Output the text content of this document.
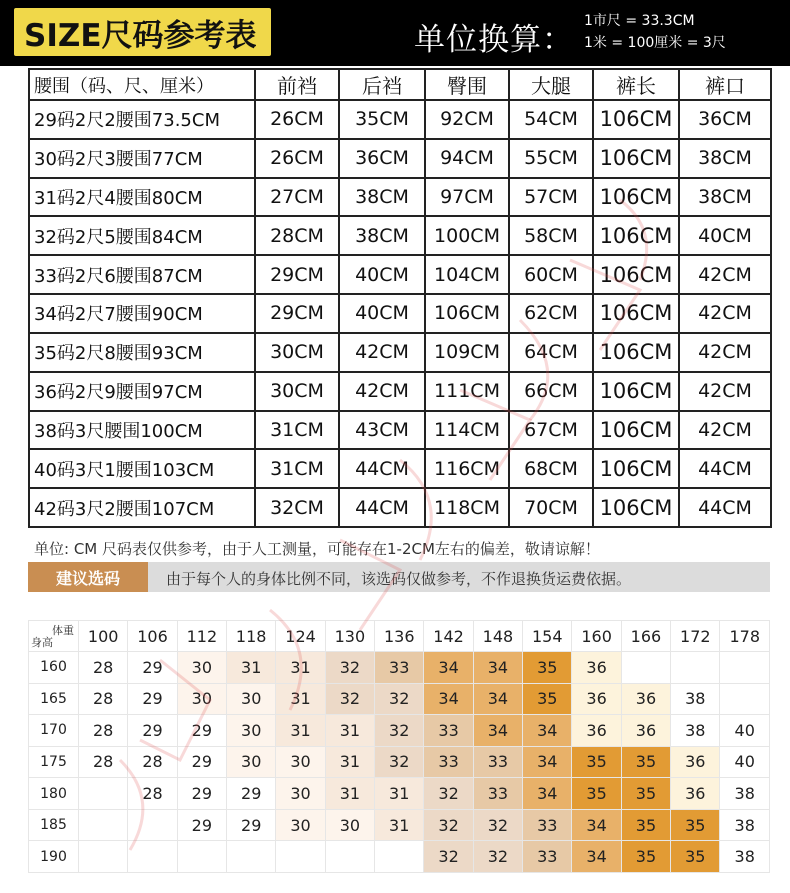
SIZE尺码参考表	单位换算：
1市尺 = 33.3CM
1米 = 100厘米 = 3尺
腰围（码、尺、厘米）	前裆	后裆	臀围	大腿	裤长	裤口
29码2尺2腰围73.5CM	26CM	35CM	92CM	54CM	106CM	36CM
30码2尺3腰围77CM	26CM	36CM	94CM	55CM	106CM	38CM
31码2尺4腰围80CM	27CM	38CM	97CM	57CM	106CM	38CM
32码2尺5腰围84CM	28CM	38CM	100CM	58CM	106CM	40CM
33码2尺6腰围87CM	29CM	40CM	104CM	60CM	106CM	42CM
34码2尺7腰围90CM	29CM	40CM	106CM	62CM	106CM	42CM
35码2尺8腰围93CM	30CM	42CM	109CM	64CM	106CM	42CM
36码2尺9腰围97CM	30CM	42CM	111CM	66CM	106CM	42CM
38码3尺腰围100CM	31CM	43CM	114CM	67CM	106CM	42CM
40码3尺1腰围103CM	31CM	44CM	116CM	68CM	106CM	44CM
42码3尺2腰围107CM	32CM	44CM	118CM	70CM	106CM	44CM
单位: CM 尺码表仅供参考，由于人工测量，可能存在1-2CM左右的偏差，敬请谅解！
建议选码	由于每个人的身体比例不同，该选码仅做参考，不作退换货运费依据。
体重
身高	100	106	112	118	124	130	136	142	148	154	160	166	172	178
160	28	29	30	31	31	32	33	34	34	35	36			
165	28	29	30	30	31	32	32	34	34	35	36	36	38	
170	28	29	29	30	31	31	32	33	34	34	36	36	38	40
175	28	28	29	30	30	31	32	33	33	34	35	35	36	40
180		28	29	29	30	31	31	32	33	34	35	35	36	38
185			29	29	30	30	31	32	32	33	34	35	35	38
190								32	32	33	34	35	35	38
